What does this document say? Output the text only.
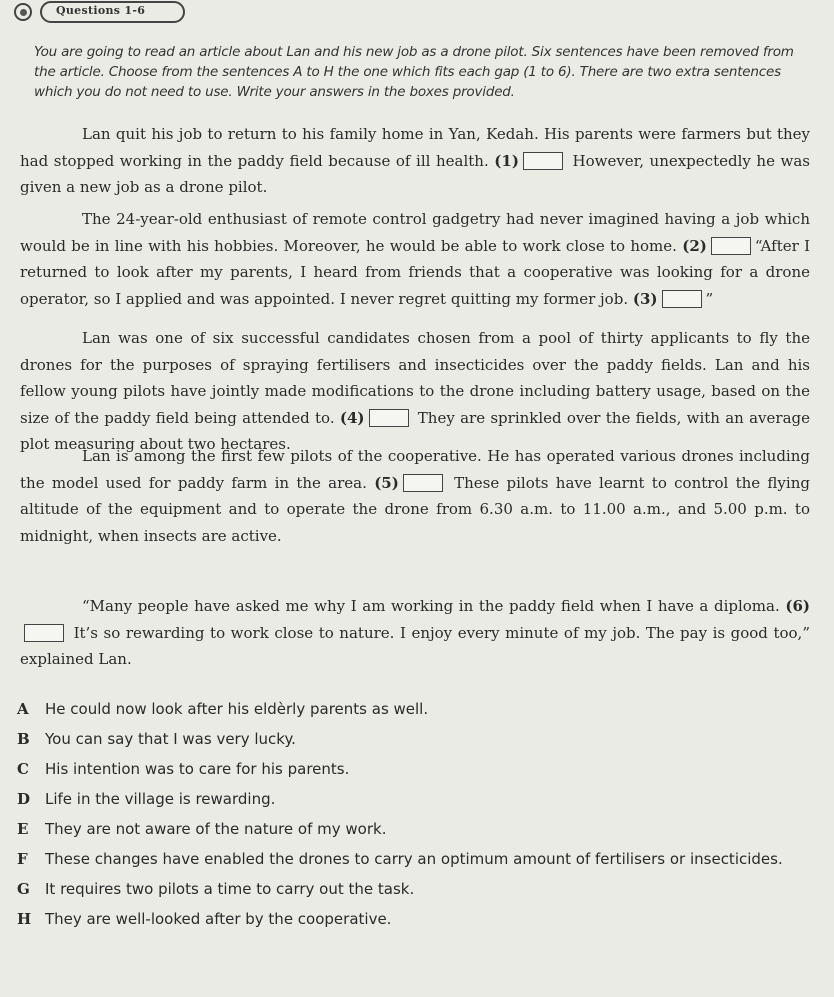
Questions 1-6
You are going to read an article about Lan and his new job as a drone pilot. Six sentences have been removed from the article. Choose from the sentences A to H the one which fits each gap (1 to 6). There are two extra sentences which you do not need to use. Write your answers in the boxes provided.
Lan quit his job to return to his family home in Yan, Kedah. His parents were farmers but they had stopped working in the paddy field because of ill health. (1)	However, unexpectedly he was given a new job as a drone pilot.
The 24-year-old enthusiast of remote control gadgetry had never imagined having a job which would be in line with his hobbies. Moreover, he would be able to work close to home. (2)	“After I returned to look after my parents, I heard from friends that a cooperative was looking for a drone operator, so I applied and was appointed. I never regret quitting my former job. (3)	”
Lan was one of six successful candidates chosen from a pool of thirty applicants to fly the drones for the purposes of spraying fertilisers and insecticides over the paddy fields. Lan and his fellow young pilots have jointly made modifications to the drone including battery usage, based on the size of the paddy field being attended to. (4)	They are sprinkled over the fields, with an average plot measuring about two hectares.
Lan is among the first few pilots of the cooperative. He has operated various drones including the model used for paddy farm in the area. (5)	These pilots have learnt to control the flying altitude of the equipment and to operate the drone from 6.30 a.m. to 11.00 a.m., and 5.00 p.m. to midnight, when insects are active.
“Many people have asked me why I am working in the paddy field when I have a diploma. (6) It’s so rewarding to work close to nature. I enjoy every minute of my job. The pay is good too,” explained Lan.
A	He could now look after his eldèrly parents as well.
B	You can say that I was very lucky.
C	His intention was to care for his parents.
D Life in the village is rewarding.
E	They are not aware of the nature of my work.
F	These changes have enabled the drones to carry an optimum amount of fertilisers or insecticides.
G	It requires two pilots a time to carry out the task.
H They are well-looked after by the cooperative.
